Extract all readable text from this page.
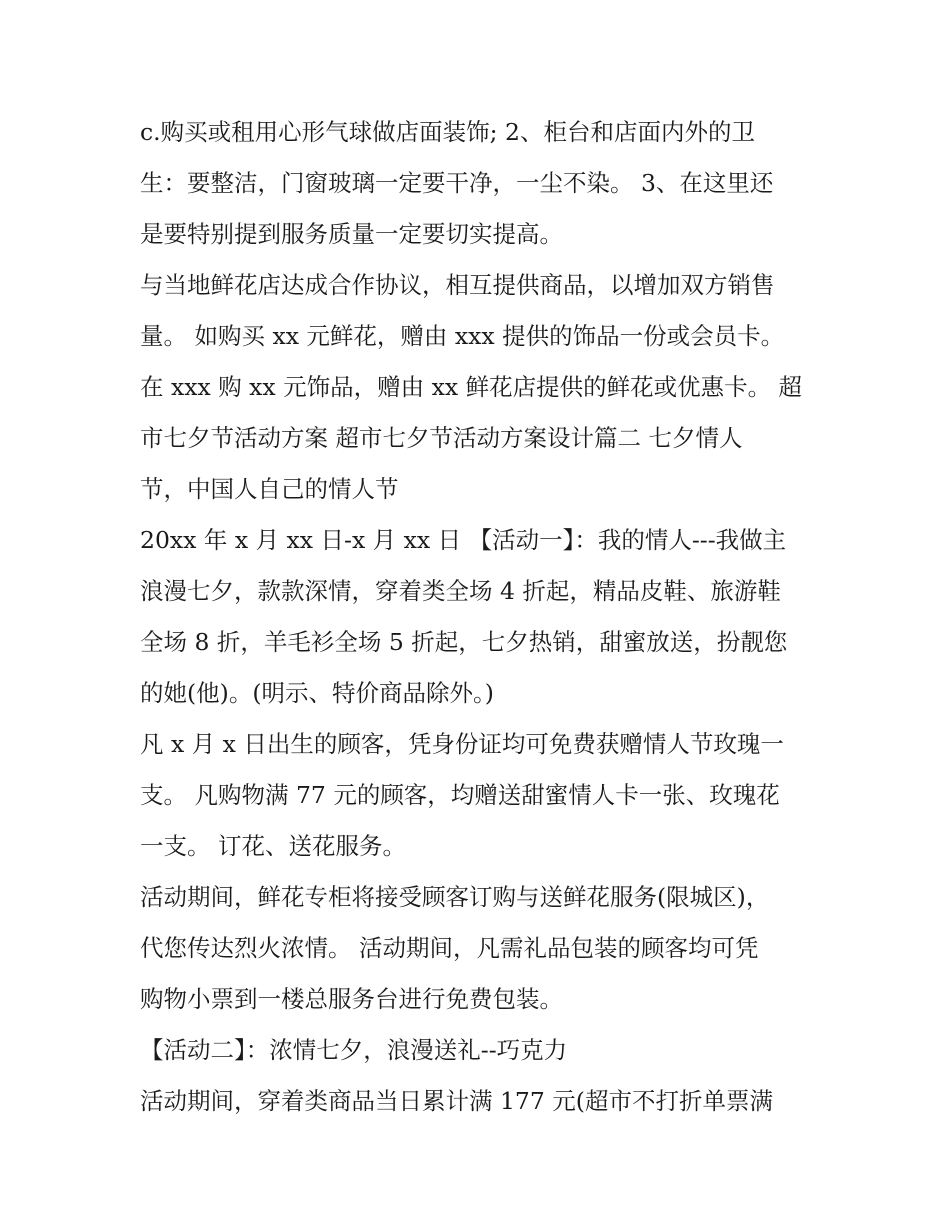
c.购买或租用心形气球做店面装饰; 2、柜台和店面内外的卫
生：要整洁，门窗玻璃一定要干净，一尘不染。 3、在这里还
是要特别提到服务质量一定要切实提高。
与当地鲜花店达成合作协议，相互提供商品，以增加双方销售
量。 如购买 xx 元鲜花，赠由 xxx 提供的饰品一份或会员卡。
在 xxx 购 xx 元饰品，赠由 xx 鲜花店提供的鲜花或优惠卡。 超
市七夕节活动方案 超市七夕节活动方案设计篇二 七夕情人
节，中国人自己的情人节
20xx 年 x 月 xx 日-x 月 xx 日 【活动一】：我的情人---我做主
浪漫七夕，款款深情，穿着类全场 4 折起，精品皮鞋、旅游鞋
全场 8 折，羊毛衫全场 5 折起，七夕热销，甜蜜放送，扮靓您
的她(他)。(明示、特价商品除外。)
凡 x 月 x 日出生的顾客，凭身份证均可免费获赠情人节玫瑰一
支。 凡购物满 77 元的顾客，均赠送甜蜜情人卡一张、玫瑰花
一支。 订花、送花服务。
活动期间，鲜花专柜将接受顾客订购与送鲜花服务(限城区)，
代您传达烈火浓情。 活动期间，凡需礼品包装的顾客均可凭
购物小票到一楼总服务台进行免费包装。
【活动二】：浓情七夕，浪漫送礼--巧克力
活动期间，穿着类商品当日累计满 177 元(超市不打折单票满
